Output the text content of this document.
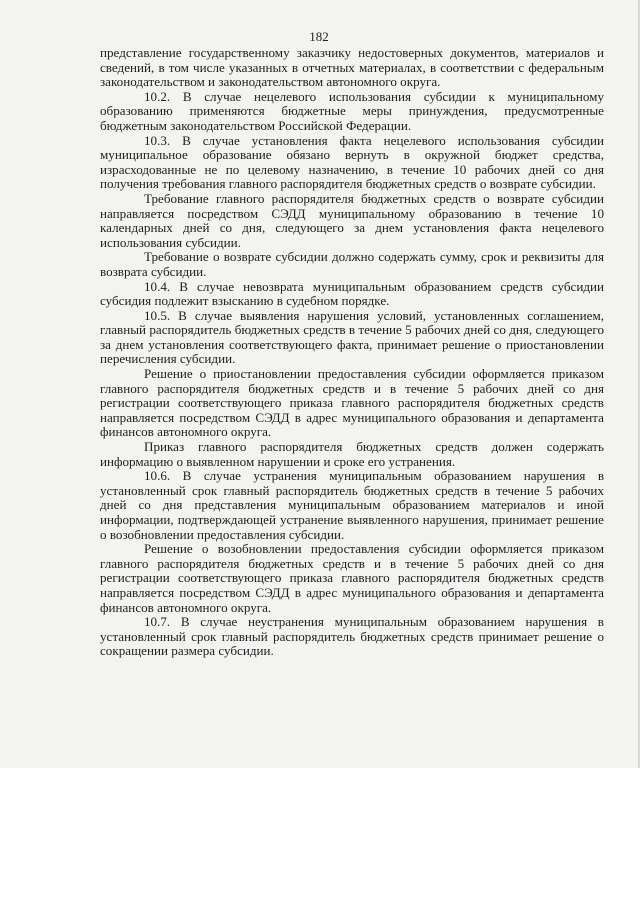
182

представление государственному заказчику недостоверных документов, материалов и сведений, в том числе указанных в отчетных материалах, в соответствии с федеральным законодательством и законодательством автономного округа.

10.2. В случае нецелевого использования субсидии к муниципальному образованию применяются бюджетные меры принуждения, предусмотренные бюджетным законодательством Российской Федерации.

10.3. В случае установления факта нецелевого использования субсидии муниципальное образование обязано вернуть в окружной бюджет средства, израсходованные не по целевому назначению, в течение 10 рабочих дней со дня получения требования главного распорядителя бюджетных средств о возврате субсидии.

Требование главного распорядителя бюджетных средств о возврате субсидии направляется посредством СЭДД муниципальному образованию в течение 10 календарных дней со дня, следующего за днем установления факта нецелевого использования субсидии.

Требование о возврате субсидии должно содержать сумму, срок и реквизиты для возврата субсидии.

10.4. В случае невозврата муниципальным образованием средств субсидии субсидия подлежит взысканию в судебном порядке.

10.5. В случае выявления нарушения условий, установленных соглашением, главный распорядитель бюджетных средств в течение 5 рабочих дней со дня, следующего за днем установления соответствующего факта, принимает решение о приостановлении перечисления субсидии.

Решение о приостановлении предоставления субсидии оформляется приказом главного распорядителя бюджетных средств и в течение 5 рабочих дней со дня регистрации соответствующего приказа главного распорядителя бюджетных средств направляется посредством СЭДД в адрес муниципального образования и департамента финансов автономного округа.

Приказ главного распорядителя бюджетных средств должен содержать информацию о выявленном нарушении и сроке его устранения.

10.6. В случае устранения муниципальным образованием нарушения в установленный срок главный распорядитель бюджетных средств в течение 5 рабочих дней со дня представления муниципальным образованием материалов и иной информации, подтверждающей устранение выявленного нарушения, принимает решение о возобновлении предоставления субсидии.

Решение о возобновлении предоставления субсидии оформляется приказом главного распорядителя бюджетных средств и в течение 5 рабочих дней со дня регистрации соответствующего приказа главного распорядителя бюджетных средств направляется посредством СЭДД в адрес муниципального образования и департамента финансов автономного округа.

10.7. В случае неустранения муниципальным образованием нарушения в установленный срок главный распорядитель бюджетных средств принимает решение о сокращении размера субсидии.
